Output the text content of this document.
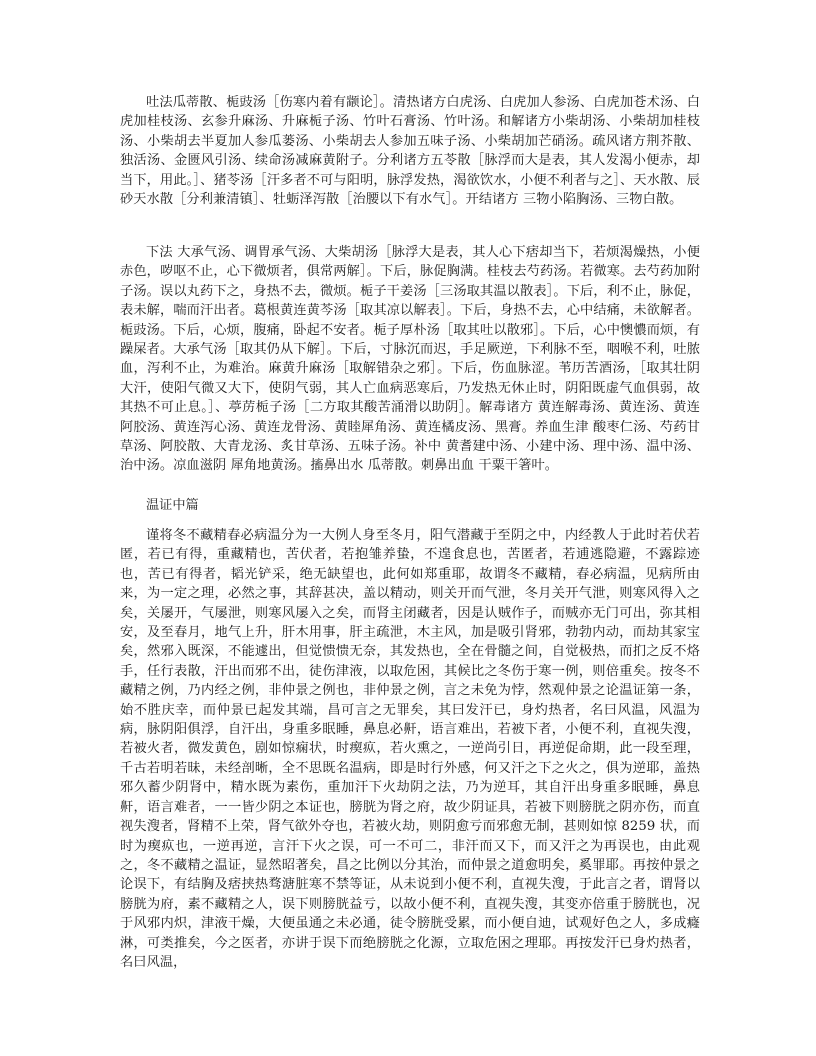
吐法瓜蒂散、栀豉汤［伤寒内着有颛论］。清热诸方白虎汤、白虎加人参汤、白虎加苍术汤、白虎加桂枝汤、玄参升麻汤、升麻栀子汤、竹叶石膏汤、竹叶汤。和解诸方小柴胡汤、小柴胡加桂枝汤、小柴胡去半夏加人参瓜蒌汤、小柴胡去人参加五味子汤、小柴胡加芒硝汤。疏风诸方荆芥散、独活汤、金匮风引汤、续命汤减麻黄附子。分利诸方五苓散［脉浮而大是表，其人发渴小便赤，却当下，用此。］、猪苓汤［汗多者不可与阳明，脉浮发热，渴欲饮水，小便不利者与之］、天水散、辰砂天水散［分利兼清镇］、牡蛎泽泻散［治腰以下有水气］。开结诸方 三物小陷胸汤、三物白散。

下法 大承气汤、调胃承气汤、大柴胡汤［脉浮大是表，其人心下痞却当下，若烦渴燥热，小便赤色，哕呕不止，心下微烦者，俱常两解］。下后，脉促胸满。桂枝去芍药汤。若微寒。去芍药加附子汤。误以丸药下之，身热不去，微烦。栀子干姜汤［三汤取其温以散表］。下后，利不止，脉促，表未解，喘而汗出者。葛根黄连黄芩汤［取其凉以解表］。下后，身热不去，心中结痛，未欲解者。栀豉汤。下后，心烦，腹痛，卧起不安者。栀子厚朴汤［取其吐以散邪］。下后，心中懊憹而烦，有躁屎者。大承气汤［取其仍从下解］。下后，寸脉沉而迟，手足厥逆，下利脉不至，咽喉不利，吐脓血，泻利不止，为难治。麻黄升麻汤［取解错杂之邪］。下后，伤血脉涩。苇历苦酒汤，［取其壮阴大汗，使阳气微又大下，使阴气弱，其人亡血病恶寒后，乃发热无休止时，阴阳既虚气血俱弱，故其热不可止息。］、葶苈栀子汤［二方取其酸苦涌滑以助阴］。解毒诸方 黄连解毒汤、黄连汤、黄连阿胶汤、黄连泻心汤、黄连龙骨汤、黄睦犀角汤、黄连橘皮汤、黑膏。养血生津 酸枣仁汤、芍药甘草汤、阿胶散、大青龙汤、炙甘草汤、五味子汤。补中 黄耆建中汤、小建中汤、理中汤、温中汤、治中汤。凉血滋阴 犀角地黄汤。搐鼻出水 瓜蒂散。刺鼻出血 干粟干箸叶。

温证中篇

谨将冬不藏精春必病温分为一大例人身至冬月，阳气潜藏于至阴之中，内经教人于此时若伏若匿，若已有得，重藏精也，苦伏者，若抱雏养蛰，不遑食息也，苦匿者，若逋逃隐避，不露踪迹也，苦已有得者，韬光铲采，绝无缺望也，此何如郑重耶，故谓冬不藏精，春必病温，见病所由来，为一定之理，必然之事，其辞甚决，盖以精动，则关开而气泄，冬月关开气泄，则寒风得入之矣，关屡开，气屡泄，则寒风屡入之矣，而肾主闭藏者，因是认贼作子，而贼亦无门可出，弥其相安，及至春月，地气上升，肝木用事，肝主疏泄，木主风，加是吸引肾邪，勃勃内动，而劫其家宝矣，然邪入既深，不能遽出，但觉愦愦无奈，其发热也，全在骨髓之间，自觉极热，而扪之反不烙手，任行表散，汗出而邪不出，徒伤津液，以取危困，其候比之冬伤于寒一例，则倍重矣。按冬不藏精之例，乃内经之例，非仲景之例也，非仲景之例，言之未免为悖，然观仲景之论温证第一条，始不胜庆幸，而仲景已起发其端，昌可言之无罪矣，其曰发汗已，身灼热者，名曰风温，风温为病，脉阴阳俱浮，自汗出，身重多眠睡，鼻息必鼾，语言难出，若被下者，小便不利，直视失溲，若被火者，微发黄色，剧如惊痫状，时瘈疭，若火熏之，一逆尚引日，再逆促命期，此一段至理，千古若明若昧，未经剖晰，全不思既名温病，即是时行外感，何又汗之下之火之，俱为逆耶，盖热邪久蓄少阴肾中，精水既为素伤，重加汗下火劫阴之法，乃为逆耳，其自汗出身重多眠睡，鼻息鼾，语言难者，一一皆少阴之本证也，膀胱为肾之府，故少阴证具，若被下则膀胱之阴亦伤，而直视失溲者，肾精不上荣，肾气欲外夺也，若被火劫，则阴愈亏而邪愈无制，甚则如惊 8259 状，而时为瘈疭也，一逆再逆，言汗下火之误，可一不可二，非汗而又下，而又汗之为再误也，由此观之，冬不藏精之温证，显然昭著矣，昌之比例以分其治，而仲景之道愈明矣，奚罪耶。再按仲景之论误下，有结胸及痞挟热骛溏脏寒不禁等证，从未说到小便不利，直视失溲，于此言之者，谓肾以膀胱为府，素不藏精之人，误下则膀胱益亏，以故小便不利，直视失溲，其变亦倍重于膀胱也，况于风邪内炽，津液干燥，大便虽通之未必通，徒令膀胱受累，而小便自迪，试观好色之人，多成癃淋，可类推矣，今之医者，亦讲于误下而绝膀胱之化源，立取危困之理耶。再按发汗已身灼热者，名曰风温，
